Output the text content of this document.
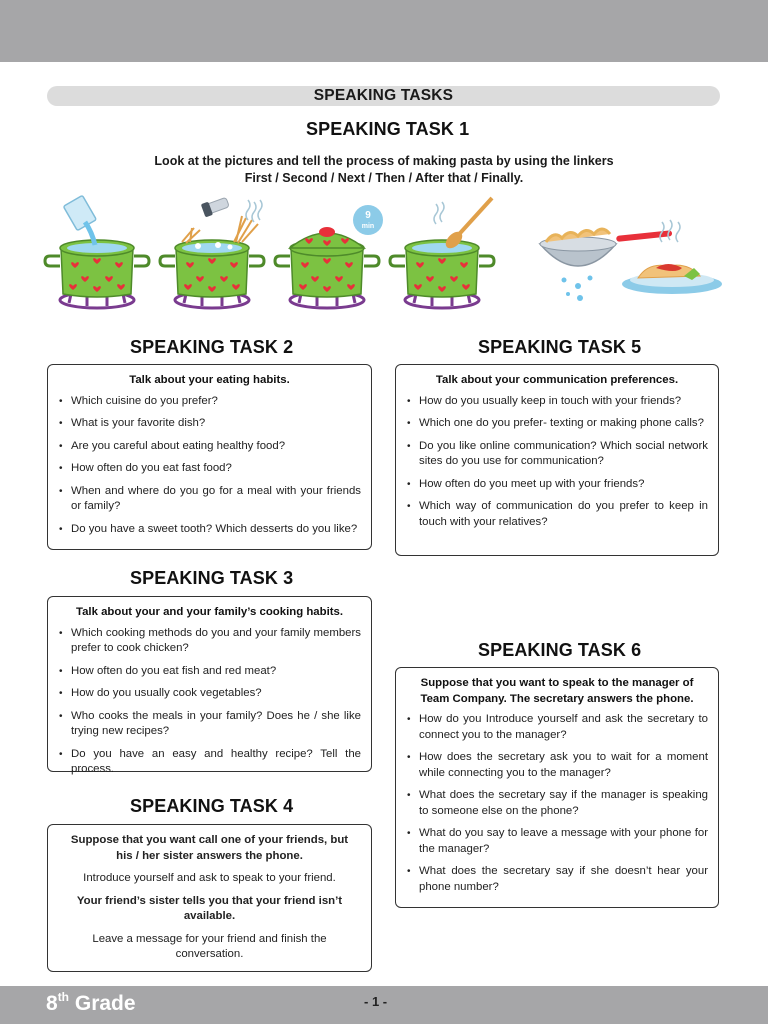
SPEAKING TASKS
SPEAKING TASK 1
Look at the pictures and tell the process of making pasta by using the linkers
First / Second / Next / Then / After that / Finally.
9
min
SPEAKING TASK 2
Talk about your eating habits.
• Which cuisine do you prefer?
• What is your favorite dish?
• Are you careful about eating healthy food?
• How often do you eat fast food?
• When and where do you go for a meal with your friends or family?
• Do you have a sweet tooth? Which desserts do you like?
SPEAKING TASK 3
Talk about your and your family’s cooking habits.
• Which cooking methods do you and your family members prefer to cook chicken?
• How often do you eat fish and red meat?
• How do you usually cook vegetables?
• Who cooks the meals in your family? Does he / she like trying new recipes?
• Do you have an easy and healthy recipe? Tell the process.
SPEAKING TASK 4

Suppose that you want call one of your friends, but his / her sister answers the phone.

Introduce yourself and ask to speak to your friend.

Your friend’s sister tells you that your friend isn’t available.

Leave a message for your friend and finish the conversation.

SPEAKING TASK 5
Talk about your communication preferences.
• How do you usually keep in touch with your friends?
• Which one do you prefer- texting or making phone calls?
• Do you like online communication? Which social network sites do you use for communication?
• How often do you meet up with your friends?
• Which way of communication do you prefer to keep in touch with your relatives?
SPEAKING TASK 6
Suppose that you want to speak to the manager of Team Company. The secretary answers the phone.
• How do you Introduce yourself and ask the secretary to connect you to the manager?
• How does the secretary ask you to wait for a moment while connecting you to the manager?
• What does the secretary say if the manager is speaking to someone else on the phone?
• What do you say to leave a message with your phone for the manager?
• What does the secretary say if she doesn’t hear your phone number?
8th Grade	- 1 -
